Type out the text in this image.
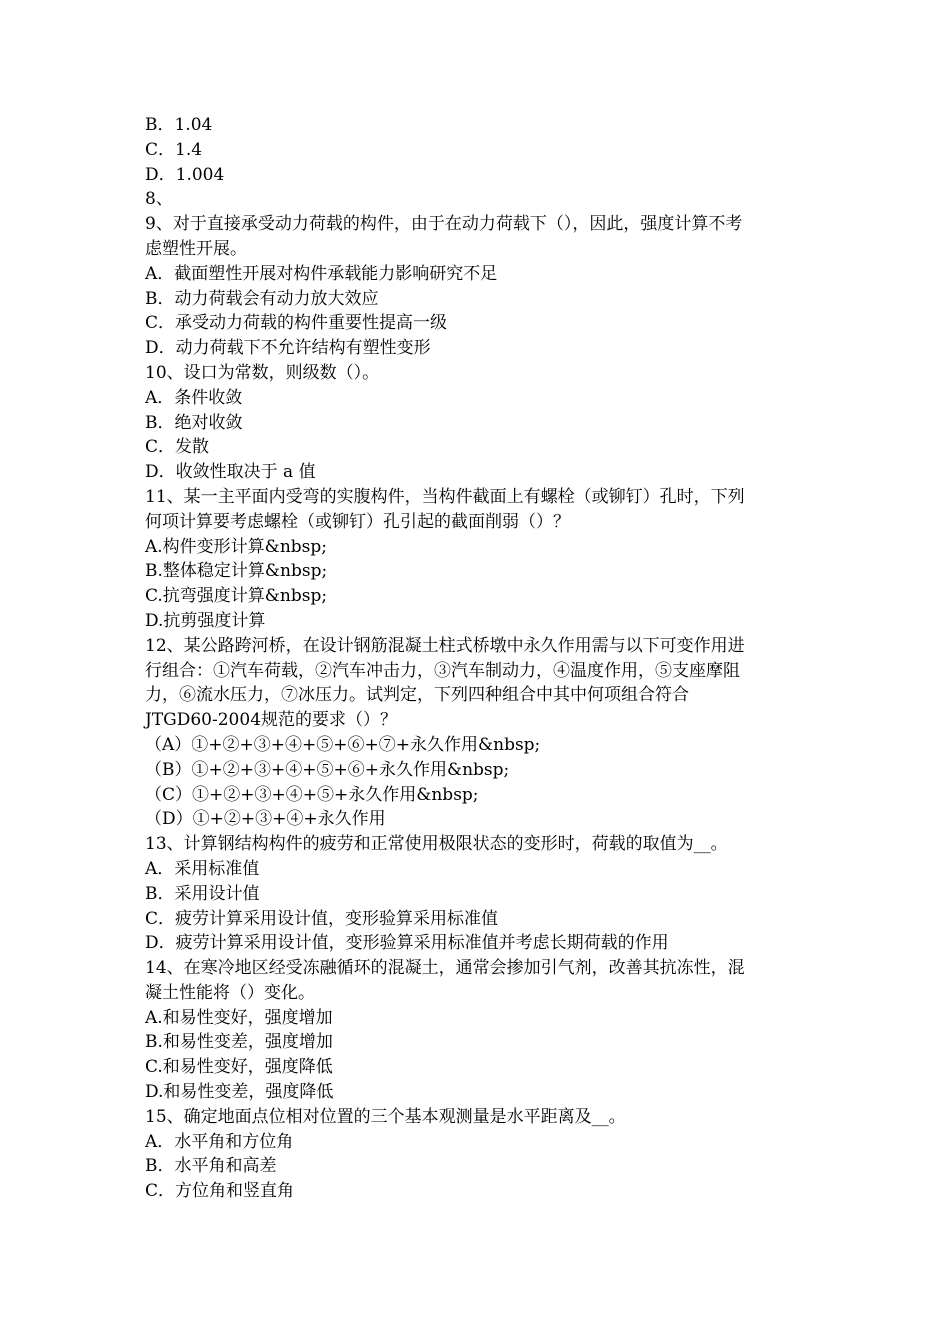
B．1.04
C．1.4
D．1.004
8、
9、对于直接承受动力荷载的构件，由于在动力荷载下（），因此，强度计算不考
虑塑性开展。
A．截面塑性开展对构件承载能力影响研究不足
B．动力荷载会有动力放大效应
C．承受动力荷载的构件重要性提高一级
D．动力荷载下不允许结构有塑性变形
10、设口为常数，则级数（）。
A．条件收敛
B．绝对收敛
C．发散
D．收敛性取决于 a 值
11、某一主平面内受弯的实腹构件，当构件截面上有螺栓（或铆钉）孔时，下列
何项计算要考虑螺栓（或铆钉）孔引起的截面削弱（）？
A.构件变形计算&nbsp;
B.整体稳定计算&nbsp;
C.抗弯强度计算&nbsp;
D.抗剪强度计算
12、某公路跨河桥，在设计钢筋混凝土柱式桥墩中永久作用需与以下可变作用进
行组合：①汽车荷载，②汽车冲击力，③汽车制动力，④温度作用，⑤支座摩阻
力，⑥流水压力，⑦冰压力。试判定，下列四种组合中其中何项组合符合
JTGD60-2004规范的要求（）？
（A）①+②+③+④+⑤+⑥+⑦+永久作用&nbsp;
（B）①+②+③+④+⑤+⑥+永久作用&nbsp;
（C）①+②+③+④+⑤+永久作用&nbsp;
（D）①+②+③+④+永久作用
13、计算钢结构构件的疲劳和正常使用极限状态的变形时，荷载的取值为__。
A．采用标准值
B．采用设计值
C．疲劳计算采用设计值，变形验算采用标准值
D．疲劳计算采用设计值，变形验算采用标准值并考虑长期荷载的作用
14、在寒冷地区经受冻融循环的混凝土，通常会掺加引气剂，改善其抗冻性，混
凝土性能将（）变化。
A.和易性变好，强度增加
B.和易性变差，强度增加
C.和易性变好，强度降低
D.和易性变差，强度降低
15、确定地面点位相对位置的三个基本观测量是水平距离及__。
A．水平角和方位角
B．水平角和高差
C．方位角和竖直角
